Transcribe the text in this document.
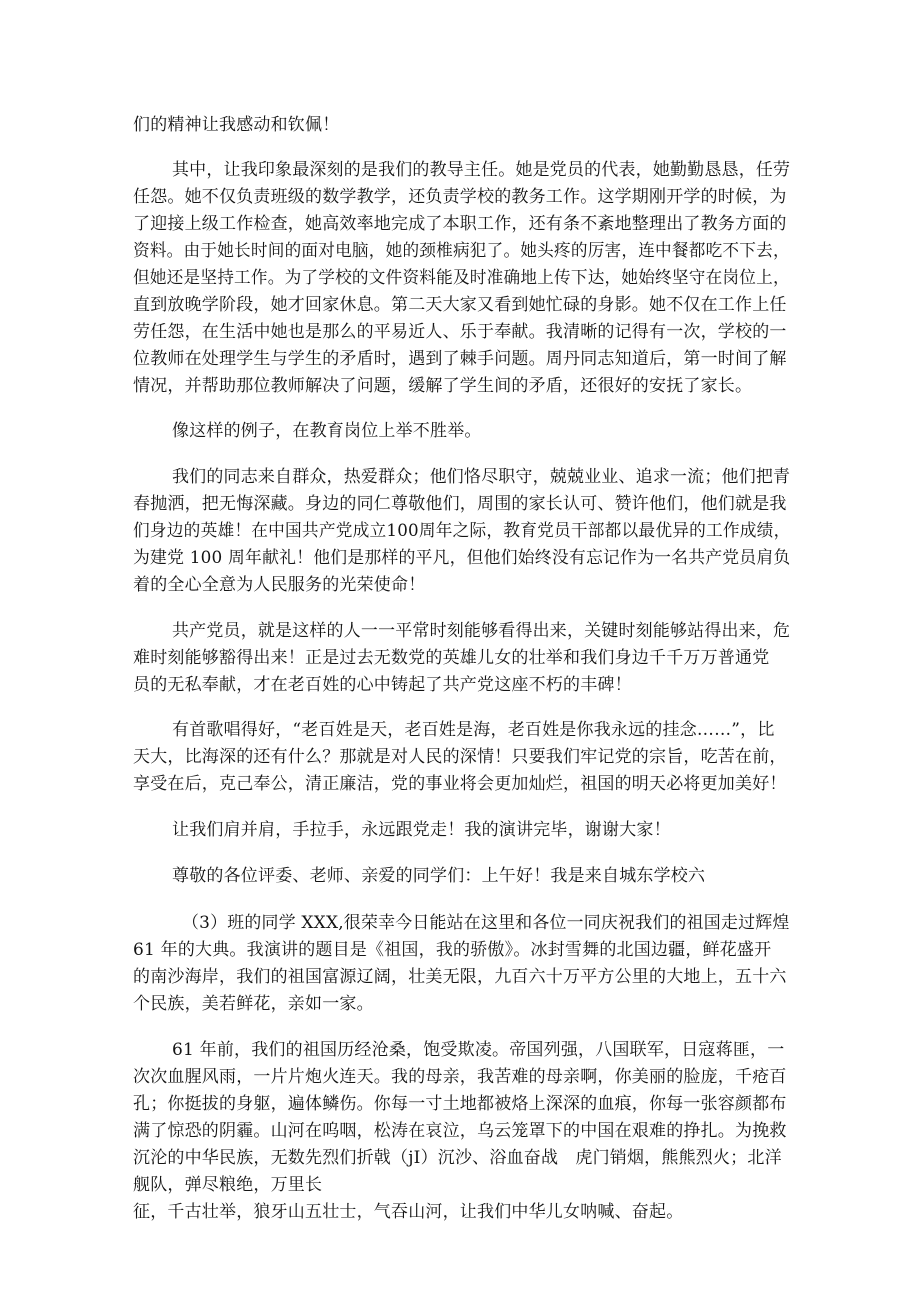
们的精神让我感动和钦佩！
其中，让我印象最深刻的是我们的教导主任。她是党员的代表，她勤勤恳恳，任劳
任怨。她不仅负责班级的数学教学，还负责学校的教务工作。这学期刚开学的时候，为
了迎接上级工作检查，她高效率地完成了本职工作，还有条不紊地整理出了教务方面的
资料。由于她长时间的面对电脑，她的颈椎病犯了。她头疼的厉害，连中餐都吃不下去，
但她还是坚持工作。为了学校的文件资料能及时准确地上传下达，她始终坚守在岗位上，
直到放晚学阶段，她才回家休息。第二天大家又看到她忙碌的身影。她不仅在工作上任
劳任怨，在生活中她也是那么的平易近人、乐于奉献。我清晰的记得有一次，学校的一
位教师在处理学生与学生的矛盾时，遇到了棘手问题。周丹同志知道后，第一时间了解
情况，并帮助那位教师解决了问题，缓解了学生间的矛盾，还很好的安抚了家长。
像这样的例子，在教育岗位上举不胜举。
我们的同志来自群众，热爱群众；他们恪尽职守，兢兢业业、追求一流；他们把青
春抛洒，把无悔深藏。身边的同仁尊敬他们，周围的家长认可、赞许他们，他们就是我
们身边的英雄！在中国共产党成立100周年之际，教育党员干部都以最优异的工作成绩，
为建党 100 周年献礼！他们是那样的平凡，但他们始终没有忘记作为一名共产党员肩负
着的全心全意为人民服务的光荣使命！
共产党员，就是这样的人一一平常时刻能够看得出来，关键时刻能够站得出来，危
难时刻能够豁得出来！正是过去无数党的英雄儿女的壮举和我们身边千千万万普通党
员的无私奉献，才在老百姓的心中铸起了共产党这座不朽的丰碑！
有首歌唱得好，“老百姓是天，老百姓是海，老百姓是你我永远的挂念……”，比
天大，比海深的还有什么？那就是对人民的深情！只要我们牢记党的宗旨，吃苦在前，
享受在后，克己奉公，清正廉洁，党的事业将会更加灿烂，祖国的明天必将更加美好！
让我们肩并肩，手拉手，永远跟党走！我的演讲完毕，谢谢大家！
尊敬的各位评委、老师、亲爱的同学们：上午好！我是来自城东学校六
（3）班的同学 XXX,很荣幸今日能站在这里和各位一同庆祝我们的祖国走过辉煌
61 年的大典。我演讲的题目是《祖国，我的骄傲》。冰封雪舞的北国边疆，鲜花盛开
的南沙海岸，我们的祖国富源辽阔，壮美无限，九百六十万平方公里的大地上，五十六
个民族，美若鲜花，亲如一家。
61 年前，我们的祖国历经沧桑，饱受欺凌。帝国列强，八国联军，日寇蒋匪，一
次次血腥风雨，一片片炮火连天。我的母亲，我苦难的母亲啊，你美丽的脸庞，千疮百
孔；你挺拔的身躯，遍体鳞伤。你每一寸土地都被烙上深深的血痕，你每一张容颜都布
满了惊恐的阴霾。山河在呜咽，松涛在哀泣，乌云笼罩下的中国在艰难的挣扎。为挽救
沉沦的中华民族，无数先烈们折戟（jI）沉沙、浴血奋战　虎门销烟，熊熊烈火；北洋
舰队，弹尽粮绝，万里长
征，千古壮举，狼牙山五壮士，气吞山河，让我们中华儿女呐喊、奋起。
